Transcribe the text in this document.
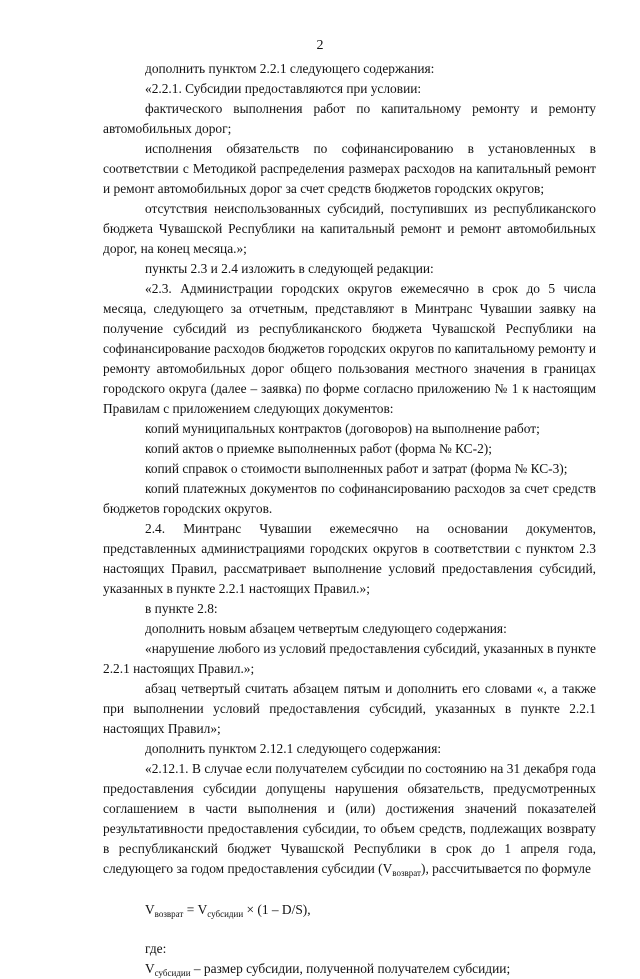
2

дополнить пунктом 2.2.1 следующего содержания:

«2.2.1. Субсидии предоставляются при условии:

фактического выполнения работ по капитальному ремонту и ремонту автомобильных дорог;

исполнения обязательств по софинансированию в установленных в соответствии с Методикой распределения размерах расходов на капитальный ремонт и ремонт автомобильных дорог за счет средств бюджетов городских округов;

отсутствия неиспользованных субсидий, поступивших из республиканского бюджета Чувашской Республики на капитальный ремонт и ремонт автомобильных дорог, на конец месяца.»;

пункты 2.3 и 2.4 изложить в следующей редакции:

«2.3. Администрации городских округов ежемесячно в срок до 5 числа месяца, следующего за отчетным, представляют в Минтранс Чувашии заявку на получение субсидий из республиканского бюджета Чувашской Республики на софинансирование расходов бюджетов городских округов по капитальному ремонту и ремонту автомобильных дорог общего пользования местного значения в границах городского округа (далее – заявка) по форме согласно приложению № 1 к настоящим Правилам с приложением следующих документов:

копий муниципальных контрактов (договоров) на выполнение работ;

копий актов о приемке выполненных работ (форма № КС-2);

копий справок о стоимости выполненных работ и затрат (форма № КС-3);

копий платежных документов по софинансированию расходов за счет средств бюджетов городских округов.

2.4. Минтранс Чувашии ежемесячно на основании документов, представленных администрациями городских округов в соответствии с пунктом 2.3 настоящих Правил, рассматривает выполнение условий предоставления субсидий, указанных в пункте 2.2.1 настоящих Правил.»;

в пункте 2.8:

дополнить новым абзацем четвертым следующего содержания:

«нарушение любого из условий предоставления субсидий, указанных в пункте 2.2.1 настоящих Правил.»;

абзац четвертый считать абзацем пятым и дополнить его словами «, а также при выполнении условий предоставления субсидий, указанных в пункте 2.2.1 настоящих Правил»;

дополнить пунктом 2.12.1 следующего содержания:

«2.12.1. В случае если получателем субсидии по состоянию на 31 декабря года предоставления субсидии допущены нарушения обязательств, предусмотренных соглашением в части выполнения и (или) достижения значений показателей результативности предоставления субсидии, то объем средств, подлежащих возврату в республиканский бюджет Чувашской Республики в срок до 1 апреля года, следующего за годом предоставления субсидии $(V_{возврат})$, рассчитывается по формуле

$V_{возврат} = V_{субсидии} \times (1 - D/S)$,

где:

$V_{субсидии}$ – размер субсидии, полученной получателем субсидии;
